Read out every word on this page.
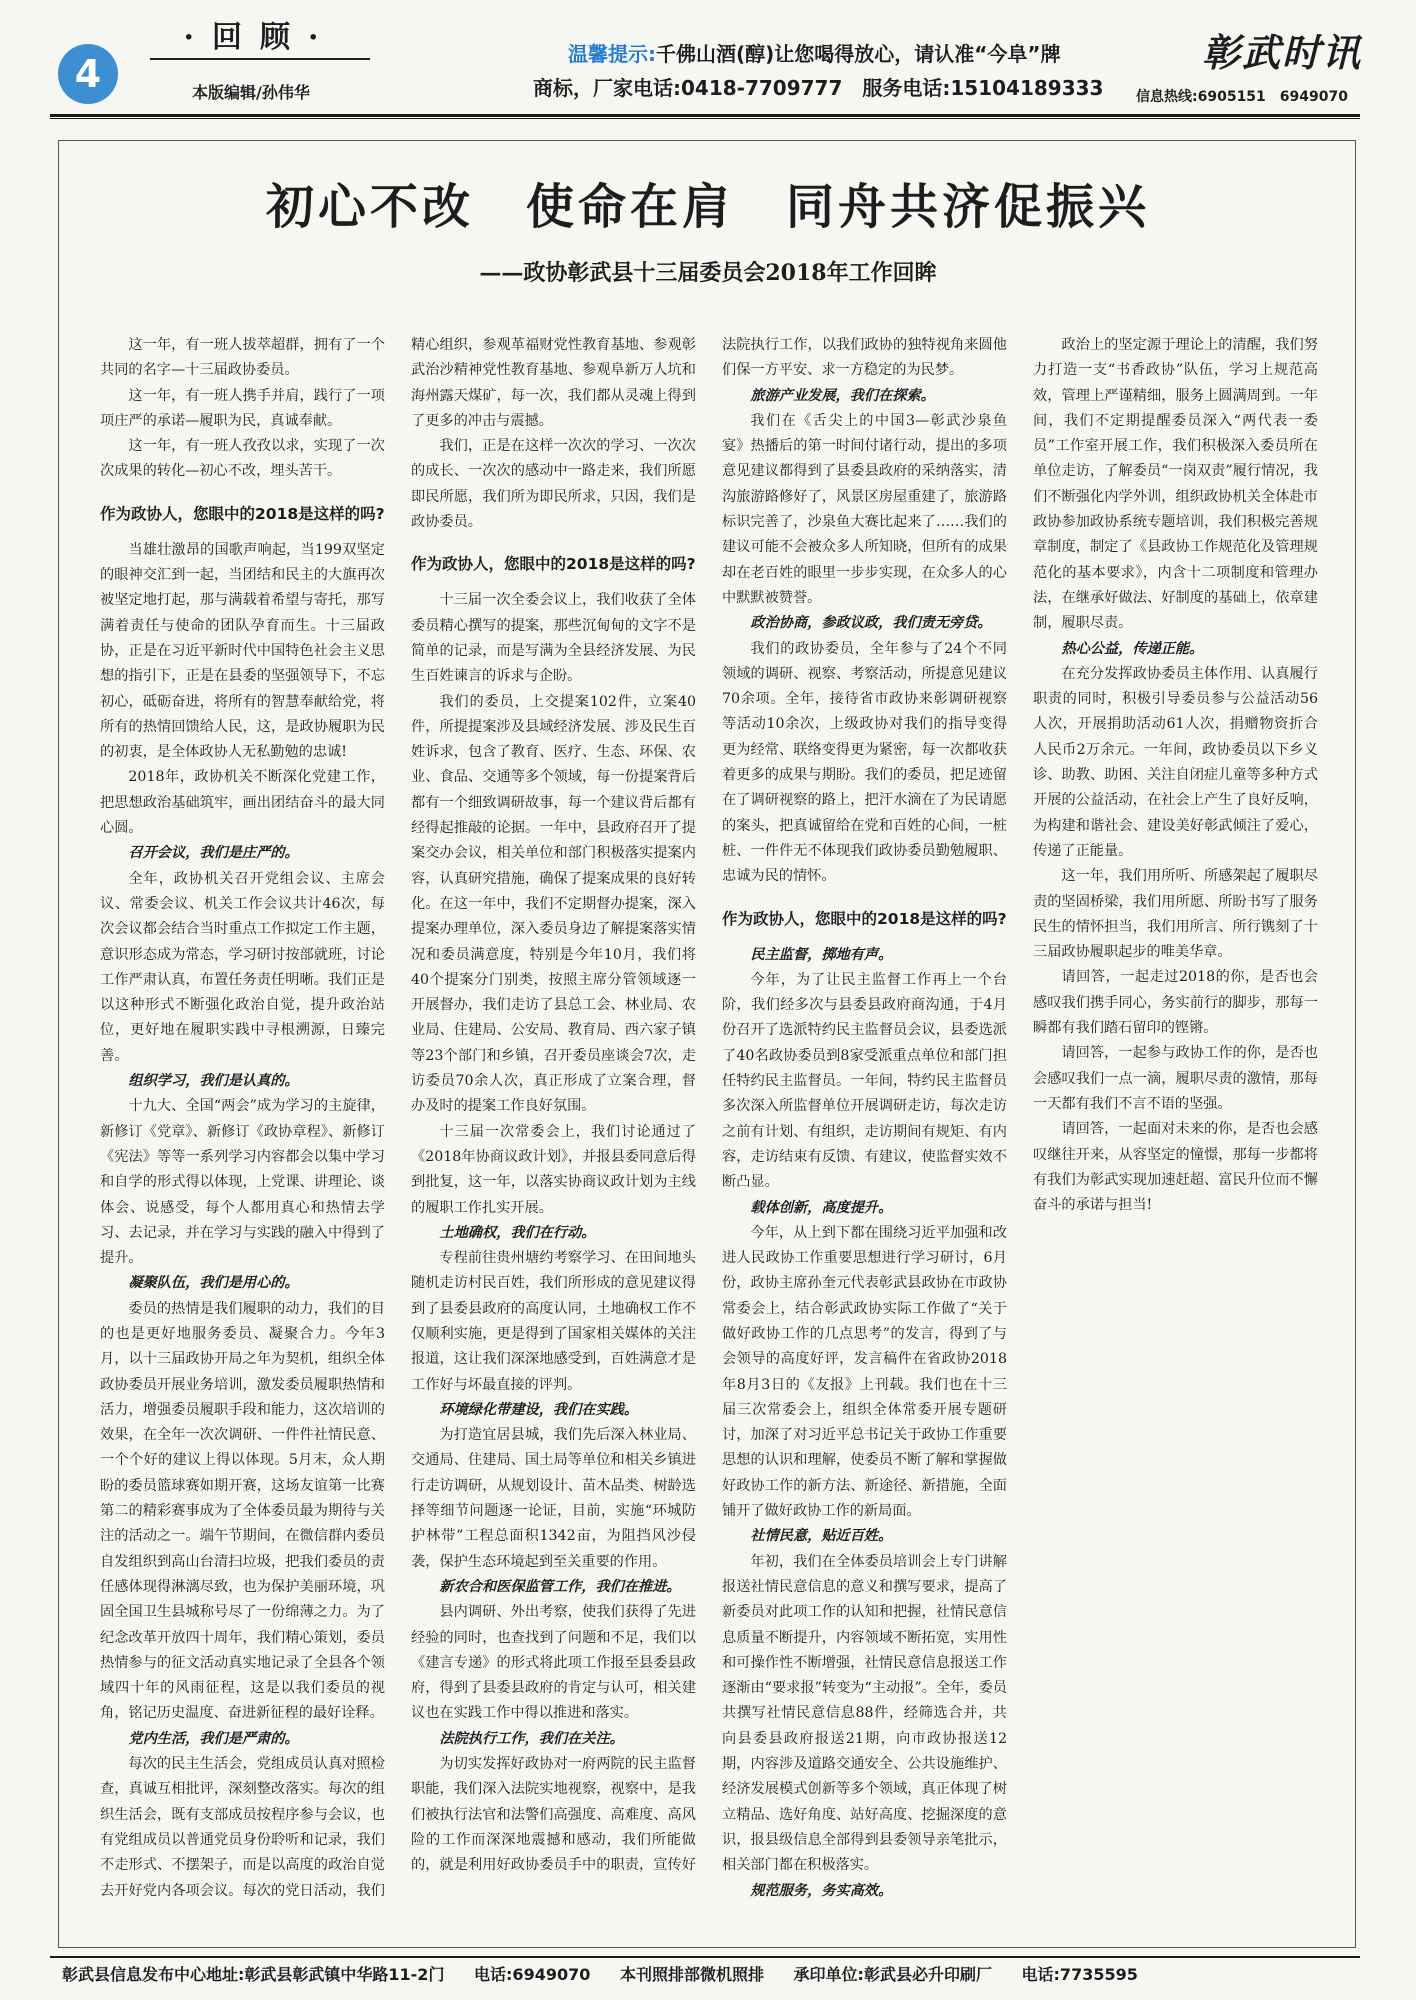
4
·回顾·
本版编辑/孙伟华
温馨提示:千佛山酒(醇)让您喝得放心，请认准“今阜”牌
商标，厂家电话:0418-7709777　服务电话:15104189333
彰武时讯
信息热线:6905151　6949070
初心不改　使命在肩　同舟共济促振兴
——政协彰武县十三届委员会2018年工作回眸

这一年，有一班人拔萃超群，拥有了一个共同的名字—十三届政协委员。

这一年，有一班人携手并肩，践行了一项项庄严的承诺—履职为民，真诚奉献。

这一年，有一班人孜孜以求，实现了一次次成果的转化—初心不改，埋头苦干。

作为政协人，您眼中的2018是这样的吗?

当雄壮激昂的国歌声响起，当199双坚定的眼神交汇到一起，当团结和民主的大旗再次被坚定地打起，那与满载着希望与寄托，那写满着责任与使命的团队孕育而生。十三届政协，正是在习近平新时代中国特色社会主义思想的指引下，正是在县委的坚强领导下，不忘初心，砥砺奋进，将所有的智慧奉献给党，将所有的热情回馈给人民，这，是政协履职为民的初衷，是全体政协人无私勤勉的忠诚!

2018年，政协机关不断深化党建工作，把思想政治基础筑牢，画出团结奋斗的最大同心圆。

召开会议，我们是庄严的。

全年，政协机关召开党组会议、主席会议、常委会议、机关工作会议共计46次，每次会议都会结合当时重点工作拟定工作主题，意识形态成为常态，学习研讨按部就班，讨论工作严肃认真，布置任务责任明晰。我们正是以这种形式不断强化政治自觉，提升政治站位，更好地在履职实践中寻根溯源，日臻完善。

组织学习，我们是认真的。

十九大、全国“两会”成为学习的主旋律，新修订《党章》、新修订《政协章程》、新修订《宪法》等等一系列学习内容都会以集中学习和自学的形式得以体现，上党课、讲理论、谈体会、说感受，每个人都用真心和热情去学习、去记录，并在学习与实践的融入中得到了提升。

凝聚队伍，我们是用心的。

委员的热情是我们履职的动力，我们的目的也是更好地服务委员、凝聚合力。今年3月，以十三届政协开局之年为契机，组织全体政协委员开展业务培训，激发委员履职热情和活力，增强委员履职手段和能力，这次培训的效果，在全年一次次调研、一件件社情民意、一个个好的建议上得以体现。5月末，众人期盼的委员篮球赛如期开赛，这场友谊第一比赛第二的精彩赛事成为了全体委员最为期待与关注的活动之一。端午节期间，在微信群内委员自发组织到高山台清扫垃圾，把我们委员的责任感体现得淋漓尽致，也为保护美丽环境，巩固全国卫生县城称号尽了一份绵薄之力。为了纪念改革开放四十周年，我们精心策划，委员热情参与的征文活动真实地记录了全县各个领域四十年的风雨征程，这是以我们委员的视角，铭记历史温度、奋进新征程的最好诠释。

党内生活，我们是严肃的。

每次的民主生活会，党组成员认真对照检查，真诚互相批评，深刻整改落实。每次的组织生活会，既有支部成员按程序参与会议，也有党组成员以普通党员身份聆听和记录，我们不走形式、不摆架子，而是以高度的政治自觉去开好党内各项会议。每次的党日活动，我们精心组织，参观革福财党性教育基地、参观彰武治沙精神党性教育基地、参观阜新万人坑和海州露天煤矿，每一次，我们都从灵魂上得到了更多的冲击与震撼。

我们，正是在这样一次次的学习、一次次的成长、一次次的感动中一路走来，我们所愿即民所愿，我们所为即民所求，只因，我们是政协委员。

作为政协人，您眼中的2018是这样的吗?

十三届一次全委会议上，我们收获了全体委员精心撰写的提案，那些沉甸甸的文字不是简单的记录，而是写满为全县经济发展、为民生百姓谏言的诉求与企盼。

我们的委员，上交提案102件，立案40件，所提提案涉及县域经济发展、涉及民生百姓诉求，包含了教育、医疗、生态、环保、农业、食品、交通等多个领域，每一份提案背后都有一个细致调研故事，每一个建议背后都有经得起推敲的论据。一年中，县政府召开了提案交办会议，相关单位和部门积极落实提案内容，认真研究措施，确保了提案成果的良好转化。在这一年中，我们不定期督办提案，深入提案办理单位，深入委员身边了解提案落实情况和委员满意度，特别是今年10月，我们将40个提案分门别类，按照主席分管领域逐一开展督办，我们走访了县总工会、林业局、农业局、住建局、公安局、教育局、西六家子镇等23个部门和乡镇，召开委员座谈会7次，走访委员70余人次，真正形成了立案合理，督办及时的提案工作良好氛围。

十三届一次常委会上，我们讨论通过了《2018年协商议政计划》，并报县委同意后得到批复，这一年，以落实协商议政计划为主线的履职工作扎实开展。

土地确权，我们在行动。

专程前往贵州塘约考察学习、在田间地头随机走访村民百姓，我们所形成的意见建议得到了县委县政府的高度认同，土地确权工作不仅顺利实施，更是得到了国家相关媒体的关注报道，这让我们深深地感受到，百姓满意才是工作好与坏最直接的评判。

环境绿化带建设，我们在实践。

为打造宜居县城，我们先后深入林业局、交通局、住建局、国土局等单位和相关乡镇进行走访调研，从规划设计、苗木品类、树龄选择等细节问题逐一论证，目前，实施“环城防护林带”工程总面积1342亩，为阻挡风沙侵袭，保护生态环境起到至关重要的作用。

新农合和医保监管工作，我们在推进。

县内调研、外出考察，使我们获得了先进经验的同时，也查找到了问题和不足，我们以《建言专递》的形式将此项工作报至县委县政府，得到了县委县政府的肯定与认可，相关建议也在实践工作中得以推进和落实。

法院执行工作，我们在关注。

为切实发挥好政协对一府两院的民主监督职能，我们深入法院实地视察，视察中，是我们被执行法官和法警们高强度、高难度、高风险的工作而深深地震撼和感动，我们所能做的，就是利用好政协委员手中的职责，宣传好法院执行工作，以我们政协的独特视角来圆他们保一方平安、求一方稳定的为民梦。

旅游产业发展，我们在探索。

我们在《舌尖上的中国3—彰武沙泉鱼宴》热播后的第一时间付诸行动，提出的多项意见建议都得到了县委县政府的采纳落实，清沟旅游路修好了，风景区房屋重建了，旅游路标识完善了，沙泉鱼大赛比起来了……我们的建议可能不会被众多人所知晓，但所有的成果却在老百姓的眼里一步步实现，在众多人的心中默默被赞誉。

政治协商，参政议政，我们责无旁贷。

我们的政协委员，全年参与了24个不同领域的调研、视察、考察活动，所提意见建议70余项。全年，接待省市政协来彰调研视察等活动10余次，上级政协对我们的指导变得更为经常、联络变得更为紧密，每一次都收获着更多的成果与期盼。我们的委员，把足迹留在了调研视察的路上，把汗水滴在了为民请愿的案头，把真诚留给在党和百姓的心间，一桩桩、一件件无不体现我们政协委员勤勉履职、忠诚为民的情怀。

作为政协人，您眼中的2018是这样的吗?
民主监督，掷地有声。

今年，为了让民主监督工作再上一个台阶，我们经多次与县委县政府商沟通，于4月份召开了选派特约民主监督员会议，县委选派了40名政协委员到8家受派重点单位和部门担任特约民主监督员。一年间，特约民主监督员多次深入所监督单位开展调研走访，每次走访之前有计划、有组织，走访期间有规矩、有内容，走访结束有反馈、有建议，使监督实效不断凸显。

载体创新，高度提升。

今年，从上到下都在围绕习近平加强和改进人民政协工作重要思想进行学习研讨，6月份，政协主席孙奎元代表彰武县政协在市政协常委会上，结合彰武政协实际工作做了“关于做好政协工作的几点思考”的发言，得到了与会领导的高度好评，发言稿件在省政协2018年8月3日的《友报》上刊载。我们也在十三届三次常委会上，组织全体常委开展专题研讨，加深了对习近平总书记关于政协工作重要思想的认识和理解，使委员不断了解和掌握做好政协工作的新方法、新途径、新措施，全面铺开了做好政协工作的新局面。

社情民意，贴近百姓。

年初，我们在全体委员培训会上专门讲解报送社情民意信息的意义和撰写要求，提高了新委员对此项工作的认知和把握，社情民意信息质量不断提升，内容领域不断拓宽，实用性和可操作性不断增强，社情民意信息报送工作逐渐由“要求报”转变为“主动报”。全年，委员共撰写社情民意信息88件，经筛选合并，共向县委县政府报送21期，向市政协报送12期，内容涉及道路交通安全、公共设施维护、经济发展模式创新等多个领域，真正体现了树立精品、选好角度、站好高度、挖掘深度的意识，报县级信息全部得到县委领导亲笔批示，相关部门都在积极落实。

规范服务，务实高效。

政治上的坚定源于理论上的清醒，我们努力打造一支“书香政协”队伍，学习上规范高效，管理上严谨精细，服务上圆满周到。一年间，我们不定期提醒委员深入“两代表一委员”工作室开展工作，我们积极深入委员所在单位走访，了解委员“一岗双责”履行情况，我们不断强化内学外训，组织政协机关全体赴市政协参加政协系统专题培训，我们积极完善规章制度，制定了《县政协工作规范化及管理规范化的基本要求》，内含十二项制度和管理办法，在继承好做法、好制度的基础上，依章建制，履职尽责。

热心公益，传递正能。

在充分发挥政协委员主体作用、认真履行职责的同时，积极引导委员参与公益活动56人次，开展捐助活动61人次，捐赠物资折合人民币2万余元。一年间，政协委员以下乡义诊、助教、助困、关注自闭症儿童等多种方式开展的公益活动，在社会上产生了良好反响，为构建和谐社会、建设美好彰武倾注了爱心，传递了正能量。

这一年，我们用所听、所感架起了履职尽责的坚固桥梁，我们用所愿、所盼书写了服务民生的情怀担当，我们用所言、所行镌刻了十三届政协履职起步的唯美华章。

请回答，一起走过2018的你，是否也会感叹我们携手同心，务实前行的脚步，那每一瞬都有我们踏石留印的铿锵。

请回答，一起参与政协工作的你，是否也会感叹我们一点一滴，履职尽责的激情，那每一天都有我们不言不语的坚强。

请回答，一起面对未来的你，是否也会感叹继往开来，从容坚定的憧憬，那每一步都将有我们为彰武实现加速赶超、富民升位而不懈奋斗的承诺与担当!

彰武县信息发布中心地址:彰武县彰武镇中华路11-2门 电话:6949070 本刊照排部微机照排 承印单位:彰武县必升印刷厂 电话:7735595
